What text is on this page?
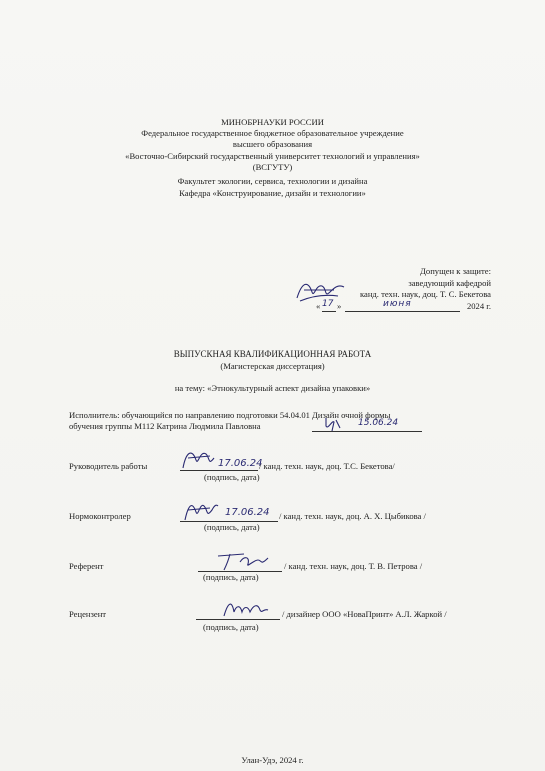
МИНОБРНАУКИ РОССИИ
Федеральное государственное бюджетное образовательное учреждение
высшего образования
«Восточно-Сибирский государственный университет технологий и управления»
(ВСГУТУ)
Факультет экологии, сервиса, технологии и дизайна
Кафедра «Конструирование, дизайн и технологии»
Допущен к защите:
заведующий кафедрой
канд. техн. наук, доц. Т. С. Бекетова
« »
17	июня	2024 г.
ВЫПУСКНАЯ КВАЛИФИКАЦИОННАЯ РАБОТА
(Магистерская диссертация)
на тему: «Этнокультурный аспект дизайна упаковки»
Исполнитель: обучающийся по направлению подготовки 54.04.01 Дизайн очной формы
обучения группы М112 Катрина Людмила Павловна	15.06.24
Руководитель работы	17.06.24
/ канд. техн. наук, доц. Т.С. Бекетова/
(подпись, дата)
Нормоконтролер	17.06.24 / канд. техн. наук, доц. А. Х. Цыбикова /
(подпись, дата)
Референт	/ канд. техн. наук, доц. Т. В. Петрова /
(подпись, дата)
Рецензент	/ дизайнер ООО «НоваПринт» А.Л. Жаркой /
(подпись, дата)
Улан-Удэ, 2024 г.
